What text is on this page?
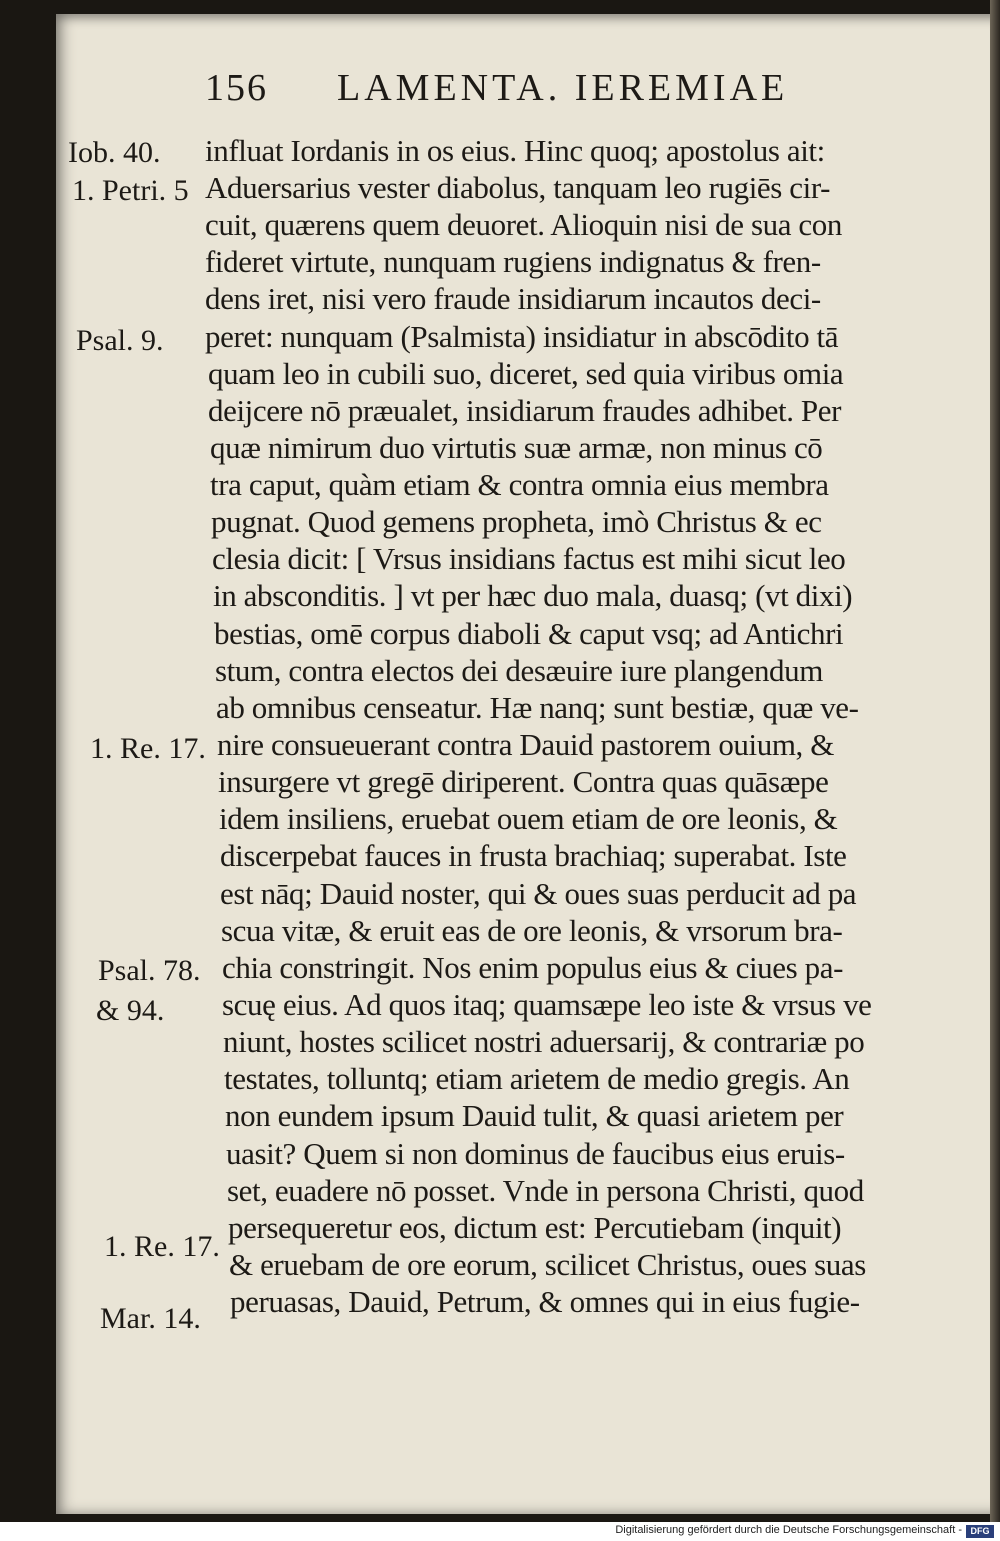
156 LAMENTA. IEREMIAE
Iob. 40.
1. Petri. 5
Psal. 9.
1. Re. 17.
Psal. 78.
& 94.
1. Re. 17.
Mar. 14.
influat Iordanis in os eius. Hinc quoq; apostolus ait:
Aduersarius vester diabolus, tanquam leo rugiēs cir-
cuit, quærens quem deuoret. Alioquin nisi de sua con
fideret virtute, nunquam rugiens indignatus & fren-
dens iret, nisi vero fraude insidiarum incautos deci-
peret: nunquam (Psalmista) insidiatur in abscōdito tā
quam leo in cubili suo, diceret, sed quia viribus omia
deijcere nō præualet, insidiarum fraudes adhibet. Per
quæ nimirum duo virtutis suæ armæ, non minus cō
tra caput, quàm etiam & contra omnia eius membra
pugnat. Quod gemens propheta, imò Christus & ec
clesia dicit: [ Vrsus insidians factus est mihi sicut leo
in absconditis. ] vt per hæc duo mala, duasq; (vt dixi)
bestias, omē corpus diaboli & caput vsq; ad Antichri
stum, contra electos dei desæuire iure plangendum
ab omnibus censeatur. Hæ nanq; sunt bestiæ, quæ ve-
nire consueuerant contra Dauid pastorem ouium, &
insurgere vt gregē diriperent. Contra quas quāsæpe
idem insiliens, eruebat ouem etiam de ore leonis, &
discerpebat fauces in frusta brachiaq; superabat. Iste
est nāq; Dauid noster, qui & oues suas perducit ad pa
scua vitæ, & eruit eas de ore leonis, & vrsorum bra-
chia constringit. Nos enim populus eius & ciues pa-
scuę eius. Ad quos itaq; quamsæpe leo iste & vrsus ve
niunt, hostes scilicet nostri aduersarij, & contrariæ po
testates, tolluntq; etiam arietem de medio gregis. An
non eundem ipsum Dauid tulit, & quasi arietem per
uasit? Quem si non dominus de faucibus eius eruis-
set, euadere nō posset. Vnde in persona Christi, quod
persequeretur eos, dictum est: Percutiebam (inquit)
& eruebam de ore eorum, scilicet Christus, oues suas
peruasas, Dauid, Petrum, & omnes qui in eius fugie-
Digitalisierung gefördert durch die Deutsche Forschungsgemeinschaft - DFG
